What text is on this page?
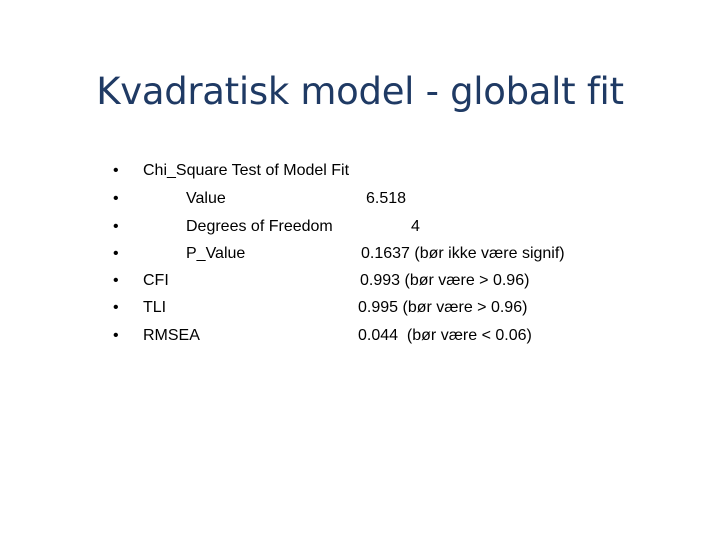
Kvadratisk model - globalt fit
• Chi_Square Test of Model Fit
•	Value	6.518
•	Degrees of Freedom	4
•	P_Value	0.1637 (bør ikke være signif)
• CFI	0.993 (bør være > 0.96)
• TLI	0.995 (bør være > 0.96)
• RMSEA	0.044  (bør være < 0.06)
